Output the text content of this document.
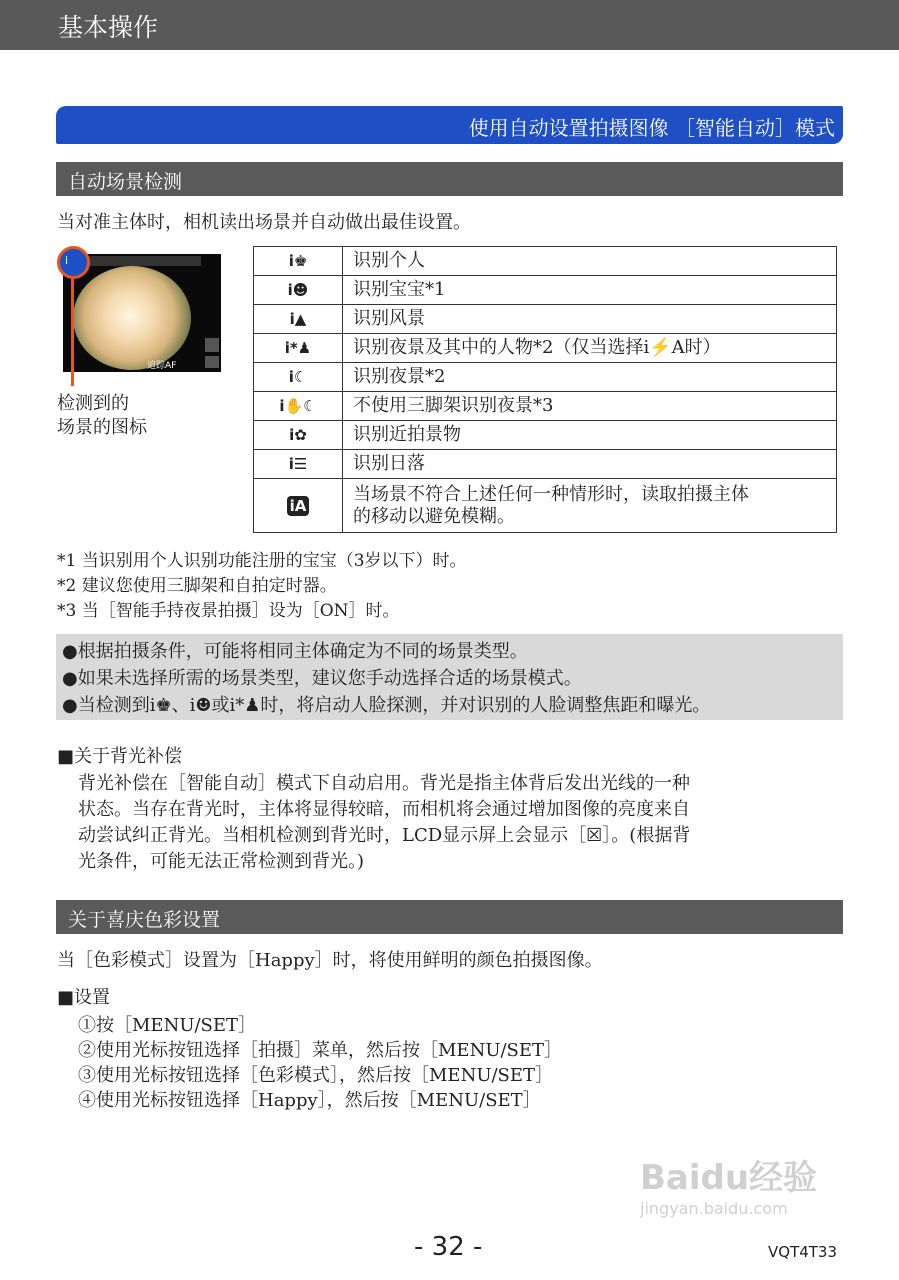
基本操作
使用自动设置拍摄图像 ［智能自动］模式
自动场景检测
当对准主体时，相机读出场景并自动做出最佳设置。
追踪AF
i
检测到的
场景的图标
i♚	识别个人
i☻	识别宝宝*1
i▲	识别风景
i*♟	识别夜景及其中的人物*2（仅当选择i⚡A时）
i☾	识别夜景*2
i✋☾	不使用三脚架识别夜景*3
i✿	识别近拍景物
i☰	识别日落
iA	当场景不符合上述任何一种情形时，读取拍摄主体
的移动以避免模糊。
*1 当识别用个人识别功能注册的宝宝（3岁以下）时。
*2 建议您使用三脚架和自拍定时器。
*3 当［智能手持夜景拍摄］设为［ON］时。
●根据拍摄条件，可能将相同主体确定为不同的场景类型。
●如果未选择所需的场景类型，建议您手动选择合适的场景模式。
●当检测到i♚、i☻或i*♟时，将启动人脸探测，并对识别的人脸调整焦距和曝光。
■关于背光补偿
背光补偿在［智能自动］模式下自动启用。背光是指主体背后发出光线的一种
状态。当存在背光时，主体将显得较暗，而相机将会通过增加图像的亮度来自
动尝试纠正背光。当相机检测到背光时，LCD显示屏上会显示［☒］。(根据背
光条件，可能无法正常检测到背光。)
关于喜庆色彩设置
当［色彩模式］设置为［Happy］时，将使用鲜明的颜色拍摄图像。
■设置
①按［MENU/SET］
②使用光标按钮选择［拍摄］菜单，然后按［MENU/SET］
③使用光标按钮选择［色彩模式］，然后按［MENU/SET］
④使用光标按钮选择［Happy］，然后按［MENU/SET］
Baidu经验
jingyan.baidu.com
- 32 -	VQT4T33
